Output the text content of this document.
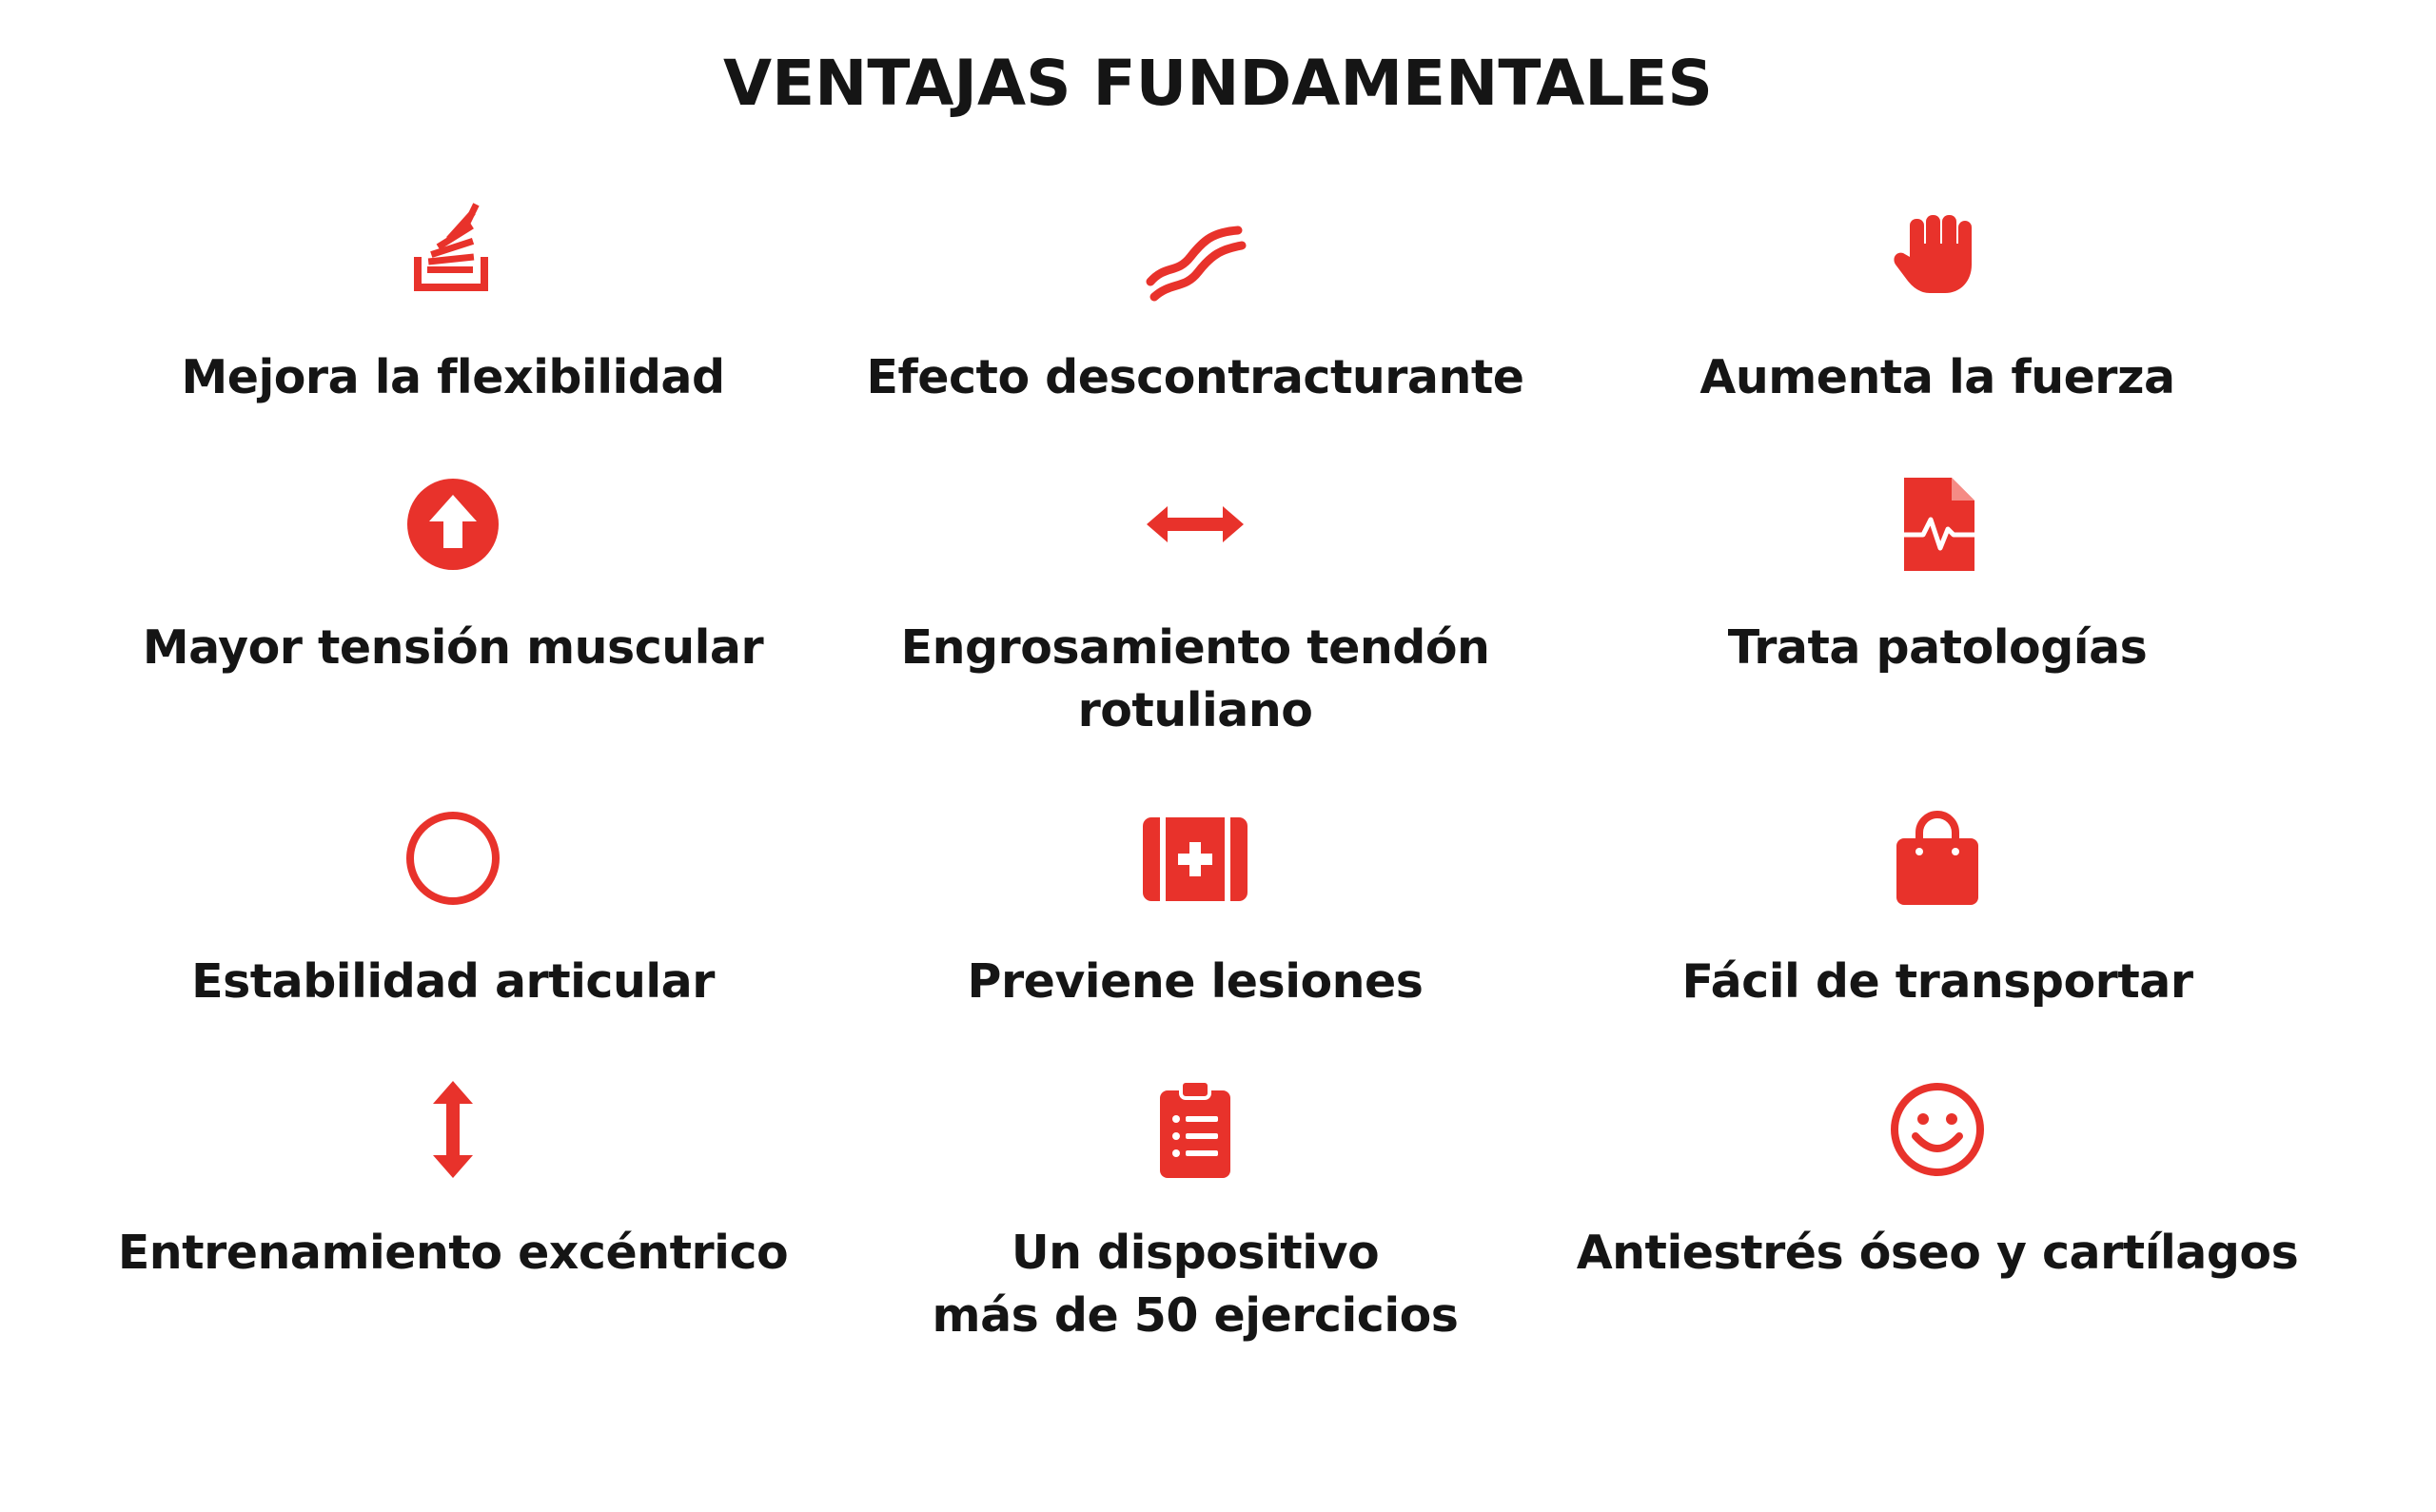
VENTAJAS FUNDAMENTALES
Mejora la flexibilidad	Efecto descontracturante	Aumenta la fuerza
Mayor tensión muscular	Engrosamiento tendón
rotuliano
Trata patologías
Estabilidad articular	Previene lesiones	Fácil de transportar
Entrenamiento excéntrico	Un dispositivo
más de 50 ejercicios
Antiestrés óseo y cartílagos
